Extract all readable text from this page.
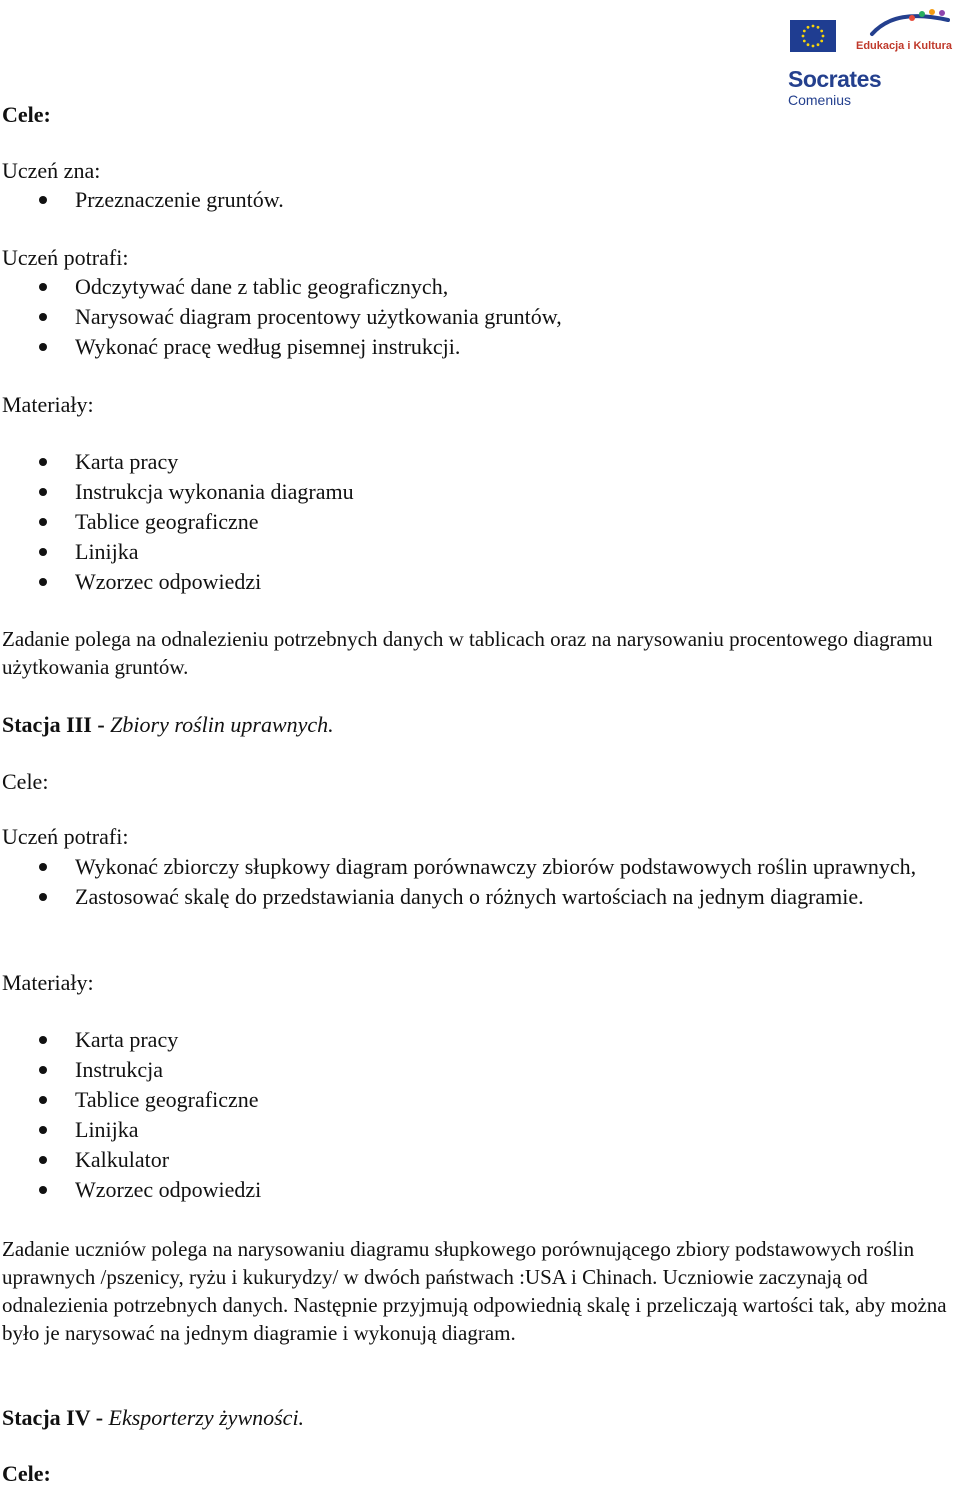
Edukacja i Kultura
Socrates
Comenius
Cele:
Uczeń zna:
Przeznaczenie gruntów.
Uczeń potrafi:
Odczytywać dane z tablic geograficznych,
Narysować diagram procentowy użytkowania gruntów,
Wykonać pracę według pisemnej instrukcji.
Materiały:
Karta pracy
Instrukcja wykonania diagramu
Tablice geograficzne
Linijka
Wzorzec odpowiedzi
Zadanie polega na odnalezieniu potrzebnych danych w tablicach oraz na narysowaniu procentowego diagramu użytkowania gruntów.
Stacja III - Zbiory roślin uprawnych.
Cele:
Uczeń potrafi:
Wykonać zbiorczy słupkowy diagram porównawczy zbiorów podstawowych roślin uprawnych,
Zastosować skalę do przedstawiania danych o różnych wartościach na jednym diagramie.
Materiały:
Karta pracy
Instrukcja
Tablice geograficzne
Linijka
Kalkulator
Wzorzec odpowiedzi
Zadanie uczniów polega na narysowaniu diagramu słupkowego porównującego zbiory podstawowych roślin uprawnych /pszenicy, ryżu i kukurydzy/ w dwóch państwach :USA i Chinach. Uczniowie zaczynają od odnalezienia potrzebnych danych. Następnie przyjmują odpowiednią skalę i przeliczają wartości tak, aby można było je narysować na jednym diagramie i wykonują diagram.
Stacja IV - Eksporterzy żywności.
Cele:
